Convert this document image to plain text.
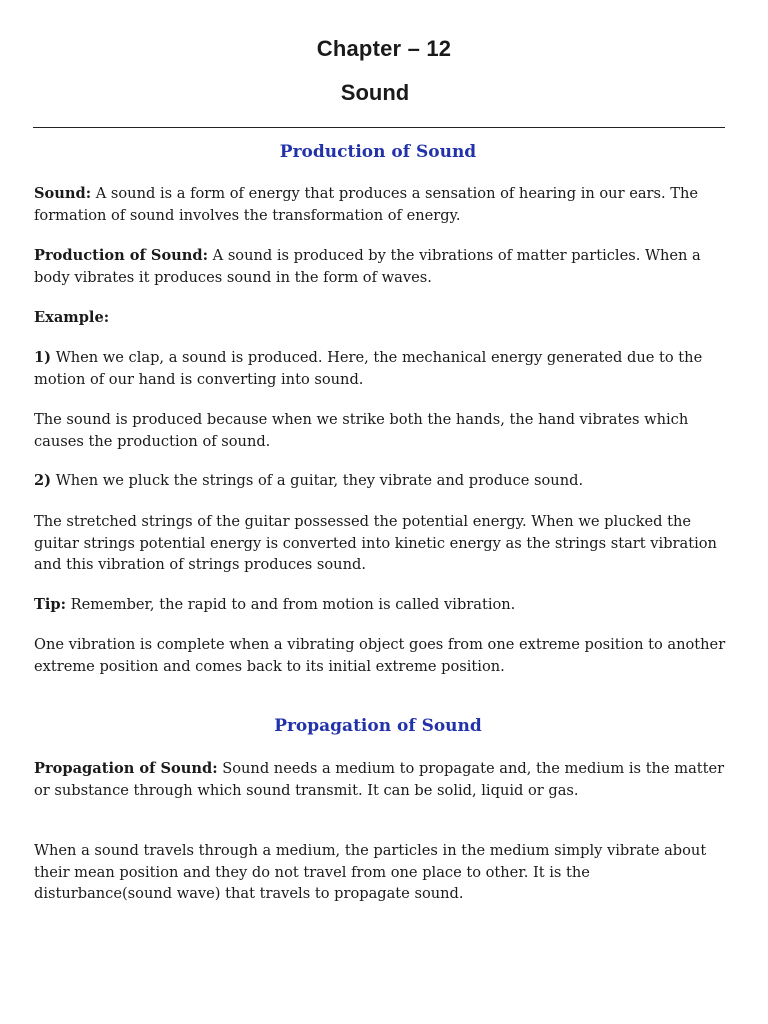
Chapter – 12
Sound
Production of Sound

Sound: A sound is a form of energy that produces a sensation of hearing in our ears. The formation of sound involves the transformation of energy.

Production of Sound: A sound is produced by the vibrations of matter particles. When a body vibrates it produces sound in the form of waves.

Example:

1) When we clap, a sound is produced. Here, the mechanical energy generated due to the motion of our hand is converting into sound.

The sound is produced because when we strike both the hands, the hand vibrates which causes the production of sound.

2) When we pluck the strings of a guitar, they vibrate and produce sound.

The stretched strings of the guitar possessed the potential energy. When we plucked the guitar strings potential energy is converted into kinetic energy as the strings start vibration and this vibration of strings produces sound.

Tip: Remember, the rapid to and from motion is called vibration.

One vibration is complete when a vibrating object goes from one extreme position to another extreme position and comes back to its initial extreme position.

Propagation of Sound

Propagation of Sound: Sound needs a medium to propagate and, the medium is the matter or substance through which sound transmit. It can be solid, liquid or gas.

When a sound travels through a medium, the particles in the medium simply vibrate about their mean position and they do not travel from one place to other. It is the disturbance(sound wave) that travels to propagate sound.
